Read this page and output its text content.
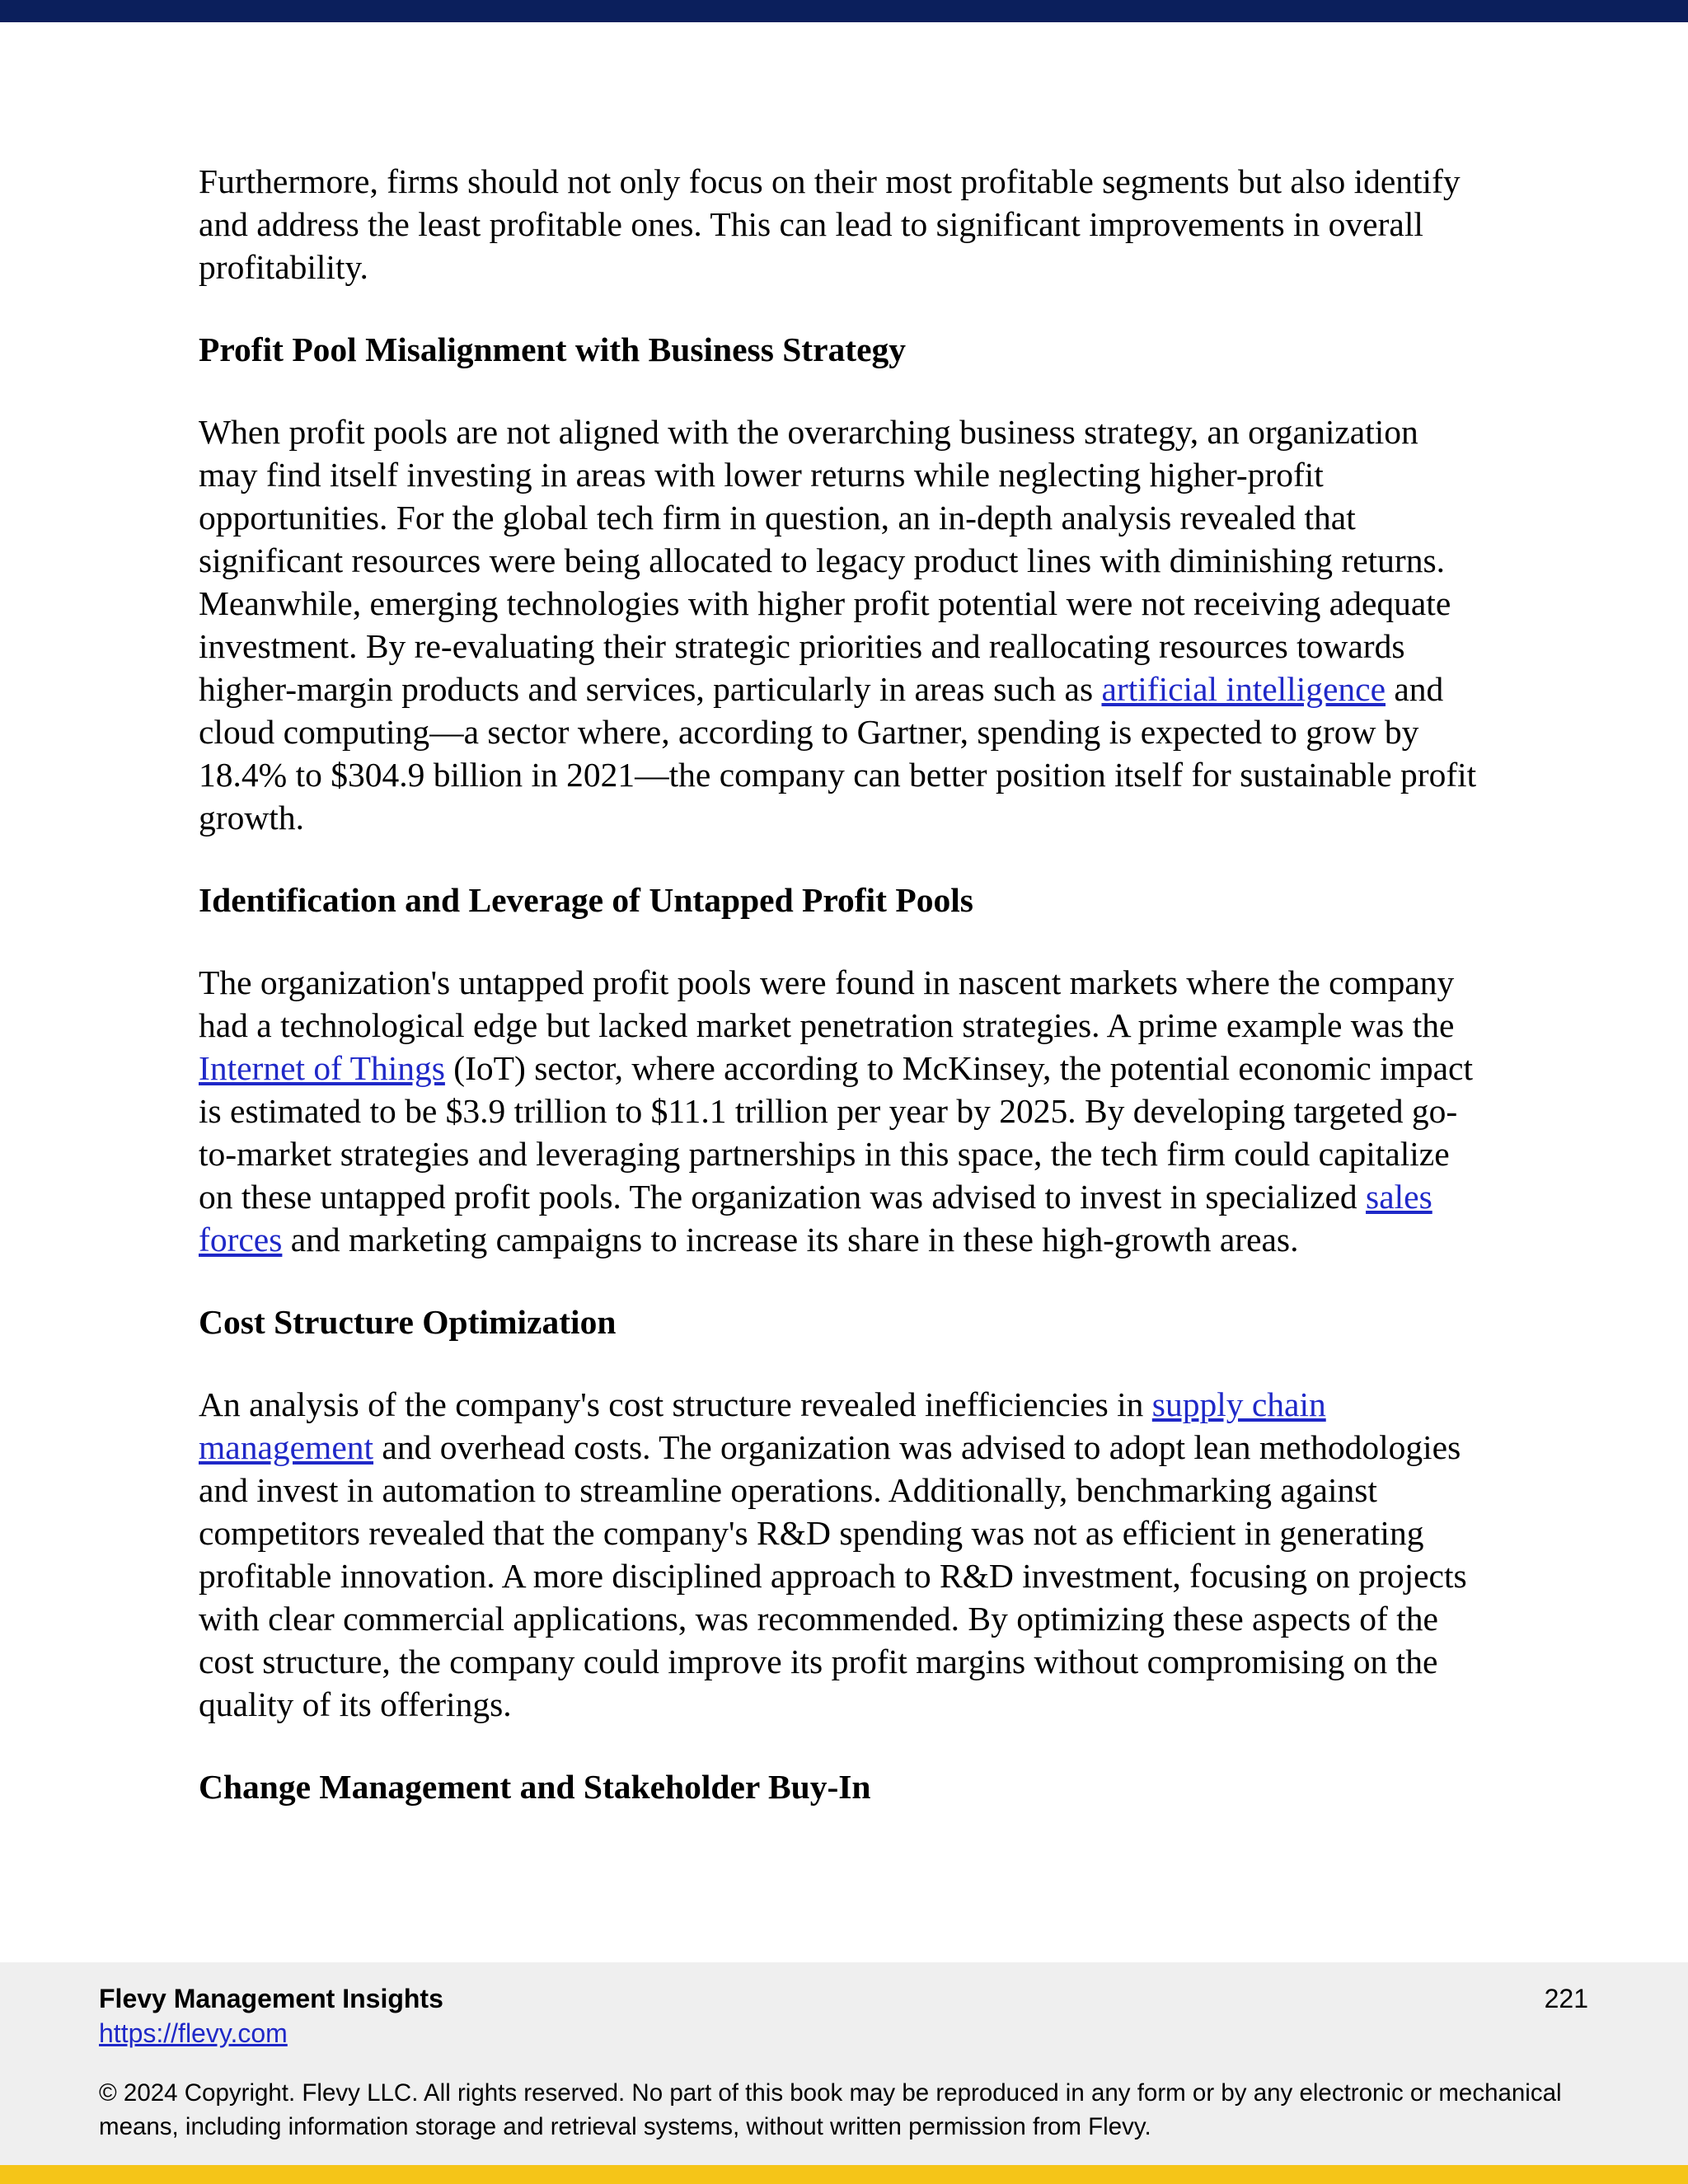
Furthermore, firms should not only focus on their most profitable segments but also identify and address the least profitable ones. This can lead to significant improvements in overall profitability.

Profit Pool Misalignment with Business Strategy

When profit pools are not aligned with the overarching business strategy, an organization may find itself investing in areas with lower returns while neglecting higher-profit opportunities. For the global tech firm in question, an in-depth analysis revealed that significant resources were being allocated to legacy product lines with diminishing returns. Meanwhile, emerging technologies with higher profit potential were not receiving adequate investment. By re-evaluating their strategic priorities and reallocating resources towards higher-margin products and services, particularly in areas such as artificial intelligence and cloud computing—a sector where, according to Gartner, spending is expected to grow by 18.4% to $304.9 billion in 2021—the company can better position itself for sustainable profit growth.

Identification and Leverage of Untapped Profit Pools

The organization's untapped profit pools were found in nascent markets where the company had a technological edge but lacked market penetration strategies. A prime example was the Internet of Things (IoT) sector, where according to McKinsey, the potential economic impact is estimated to be $3.9 trillion to $11.1 trillion per year by 2025. By developing targeted go-to-market strategies and leveraging partnerships in this space, the tech firm could capitalize on these untapped profit pools. The organization was advised to invest in specialized sales forces and marketing campaigns to increase its share in these high-growth areas.

Cost Structure Optimization

An analysis of the company's cost structure revealed inefficiencies in supply chain management and overhead costs. The organization was advised to adopt lean methodologies and invest in automation to streamline operations. Additionally, benchmarking against competitors revealed that the company's R&D spending was not as efficient in generating profitable innovation. A more disciplined approach to R&D investment, focusing on projects with clear commercial applications, was recommended. By optimizing these aspects of the cost structure, the company could improve its profit margins without compromising on the quality of its offerings.

Change Management and Stakeholder Buy-In
Flevy Management Insights
https://flevy.com
221
© 2024 Copyright. Flevy LLC. All rights reserved. No part of this book may be reproduced in any form or by any electronic or mechanical means, including information storage and retrieval systems, without written permission from Flevy.
